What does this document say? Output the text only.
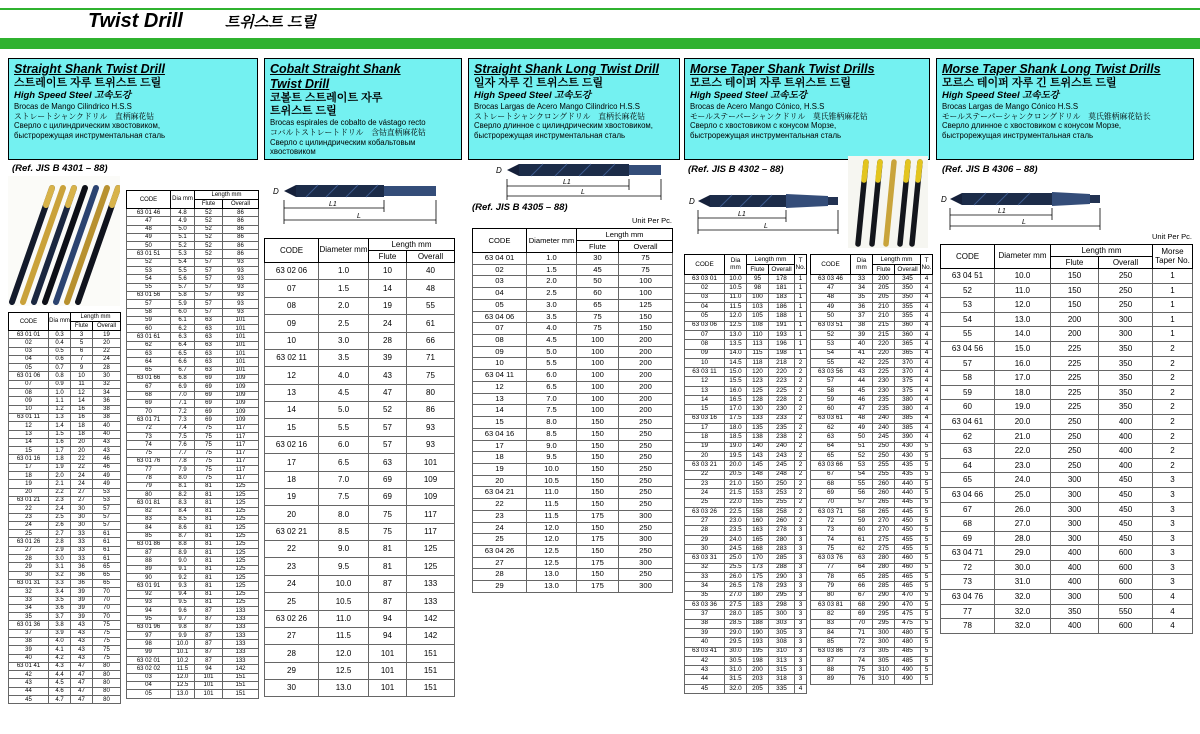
Twist Drill	트위스트 드릴
Straight Shank Twist Drill
스트레이트 자루 트위스트 드릴
High Speed Steel 고속도강
Brocas de Mango Cilindrico H.S.S
ストレートシャンクドリル　直柄麻花钻
Сверло с цилиндрическим хвостовиком,
быстрорежущая инструментальная сталь
Cobalt Straight Shank
Twist Drill
코볼트 스트레이트 자루
트위스트 드릴
Brocas espirales de cobalto de vástago recto
コバルトストレートドリル　含钴直柄麻花钻
Сверло с цилиндрическим кобальтовым
хвостовиком
Straight Shank Long Twist Drill
일자 자루 긴 트위스트 드릴
High Speed Steel 고속도강
Brocas Largas de Acero Mango Cilindrico H.S.S
ストレートシャンクロングドリル　直柄长麻花钻
Сверло длинное с цилиндрическим хвостовиком,
быстрорежущая инструментальная сталь
Morse Taper Shank Twist Drills
모르스 테이퍼 자루 트위스트 드릴
High Speed Steel 고속도강
Brocas de Acero Mango Cónico, H.S.S
モールステーパーシャンクドリル　莫氏锥柄麻花钻
Сверло с хвостовиком с конусом Морзе,
быстрорежущая инструментальная сталь
Morse Taper Shank Long Twist Drills
모르스 테이퍼 자루 긴 트위스트 드릴
High Speed Steel 고속도강
Brocas Largas de Mango Cónico H.S.S
モールステーパーシャンクロングドリル　莫氏锥柄麻花钻长
Сверло длинное с хвостовиком с конусом Морзе,
быстрорежущая инструментальная сталь
(Ref. JIS B 4301 – 88)
(Ref. JIS B 4305 – 88)
(Ref. JIS B 4302 – 88)	(Ref. JIS B 4306 – 88)
Unit Per Pc.
Unit Per Pc.
D
L1
L
D
L1
L
D
L1
L
D
L1
L
CODE	Dia mm	Length mm	
		Flute	Overall
63 01 01	0.3	3	19
02	0.4	5	20
03	0.5	6	22
04	0.6	7	24
05	0.7	9	28
63 01 06	0.8	10	30
07	0.9	11	32
08	1.0	12	34
09	1.1	14	36
10	1.2	16	38
63 01 11	1.3	16	38
12	1.4	18	40
13	1.5	18	40
14	1.6	20	43
15	1.7	20	43
63 01 16	1.8	22	46
17	1.9	22	46
18	2.0	24	49
19	2.1	24	49
20	2.2	27	53
63 01 21	2.3	27	53
22	2.4	30	57
23	2.5	30	57
24	2.6	30	57
25	2.7	33	61
63 01 26	2.8	33	61
27	2.9	33	61
28	3.0	33	61
29	3.1	36	65
30	3.2	36	65
63 01 31	3.3	36	65
32	3.4	39	70
33	3.5	39	70
34	3.6	39	70
35	3.7	39	70
63 01 36	3.8	43	75
37	3.9	43	75
38	4.0	43	75
39	4.1	43	75
40	4.2	43	75
63 01 41	4.3	47	80
42	4.4	47	80
43	4.5	47	80
44	4.6	47	80
45	4.7	47	80
CODE	Dia mm	Length mm	
		Flute	Overall
63 01 46	4.8	52	86
47	4.9	52	86
48	5.0	52	86
49	5.1	52	86
50	5.2	52	86
63 01 51	5.3	52	86
52	5.4	57	93
53	5.5	57	93
54	5.6	57	93
55	5.7	57	93
63 01 56	5.8	57	93
57	5.9	57	93
58	6.0	57	93
59	6.1	63	101
60	6.2	63	101
63 01 61	6.3	63	101
62	6.4	63	101
63	6.5	63	101
64	6.6	63	101
65	6.7	63	101
63 01 66	6.8	69	109
67	6.9	69	109
68	7.0	69	109
69	7.1	69	109
70	7.2	69	109
63 01 71	7.3	69	109
72	7.4	75	117
73	7.5	75	117
74	7.6	75	117
75	7.7	75	117
63 01 76	7.8	75	117
77	7.9	75	117
78	8.0	75	117
79	8.1	81	125
80	8.2	81	125
63 01 81	8.3	81	125
82	8.4	81	125
83	8.5	81	125
84	8.6	81	125
85	8.7	81	125
63 01 86	8.8	81	125
87	8.9	81	125
88	9.0	81	125
89	9.1	81	125
90	9.2	81	125
63 01 91	9.3	81	125
92	9.4	81	125
93	9.5	81	125
94	9.6	87	133
95	9.7	87	133
63 01 96	9.8	87	133
97	9.9	87	133
98	10.0	87	133
99	10.1	87	133
63 02 01	10.2	87	133
63 02 02	11.5	94	142
03	12.0	101	151
04	12.5	101	151
05	13.0	101	151
CODE	Diameter mm	Length mm	
		Flute	Overall
63 02 06	1.0	10	40
07	1.5	14	48
08	2.0	19	55
09	2.5	24	61
10	3.0	28	66
63 02 11	3.5	39	71
12	4.0	43	75
13	4.5	47	80
14	5.0	52	86
15	5.5	57	93
63 02 16	6.0	57	93
17	6.5	63	101
18	7.0	69	109
19	7.5	69	109
20	8.0	75	117
63 02 21	8.5	75	117
22	9.0	81	125
23	9.5	81	125
24	10.0	87	133
25	10.5	87	133
63 02 26	11.0	94	142
27	11.5	94	142
28	12.0	101	151
29	12.5	101	151
30	13.0	101	151
CODE	Diameter mm	Length mm	
		Flute	Overall
63 04 01	1.0	30	75
02	1.5	45	75
03	2.0	50	100
04	2.5	60	100
05	3.0	65	125
63 04 06	3.5	75	150
07	4.0	75	150
08	4.5	100	200
09	5.0	100	200
10	5.5	100	200
63 04 11	6.0	100	200
12	6.5	100	200
13	7.0	100	200
14	7.5	100	200
15	8.0	150	250
63 04 16	8.5	150	250
17	9.0	150	250
18	9.5	150	250
19	10.0	150	250
20	10.5	150	250
63 04 21	11.0	150	250
22	11.5	150	250
23	11.5	175	300
24	12.0	150	250
25	12.0	175	300
63 04 26	12.5	150	250
27	12.5	175	300
28	13.0	150	250
29	13.0	175	300
CODE	Dia mm	Length mm		T No.
		Flute	Overall	
63 03 01	10.0	95	178	1
02	10.5	98	181	1
03	11.0	100	183	1
04	11.5	103	186	1
05	12.0	105	188	1
63 03 06	12.5	108	191	1
07	13.0	110	193	1
08	13.5	113	196	1
09	14.0	115	198	1
10	14.5	118	218	2
63 03 11	15.0	120	220	2
12	15.5	123	223	2
13	16.0	125	225	2
14	16.5	128	228	2
15	17.0	130	230	2
63 03 16	17.5	133	233	2
17	18.0	135	235	2
18	18.5	138	238	2
19	19.0	140	240	2
20	19.5	143	243	2
63 03 21	20.0	145	245	2
22	20.5	148	248	2
23	21.0	150	250	2
24	21.5	153	253	2
25	22.0	155	255	2
63 03 26	22.5	158	258	2
27	23.0	160	260	2
28	23.5	163	278	3
29	24.0	165	280	3
30	24.5	168	283	3
63 03 31	25.0	170	285	3
32	25.5	173	288	3
33	26.0	175	290	3
34	26.5	178	293	3
35	27.0	180	295	3
63 03 36	27.5	183	298	3
37	28.0	185	300	3
38	28.5	188	303	3
39	29.0	190	305	3
40	29.5	193	308	3
63 03 41	30.0	195	310	3
42	30.5	198	313	3
43	31.0	200	315	3
44	31.5	203	318	3
45	32.0	205	335	4
CODE	Dia mm	Length mm		T No.
		Flute	Overall	
63 03 46	33	200	345	4
47	34	205	350	4
48	35	205	350	4
49	36	210	355	4
50	37	210	355	4
63 03 51	38	215	360	4
52	39	215	360	4
53	40	220	365	4
54	41	220	365	4
55	42	225	370	4
63 03 56	43	225	370	4
57	44	230	375	4
58	45	230	375	4
59	46	235	380	4
60	47	235	380	4
63 03 61	48	240	385	4
62	49	240	385	4
63	50	245	390	4
64	51	250	430	5
65	52	250	430	5
63 03 66	53	255	435	5
67	54	255	435	5
68	55	260	440	5
69	56	260	440	5
70	57	265	445	5
63 03 71	58	265	445	5
72	59	270	450	5
73	60	270	450	5
74	61	275	455	5
75	62	275	455	5
63 03 76	63	280	460	5
77	64	280	460	5
78	65	285	465	5
79	66	285	465	5
80	67	290	470	5
63 03 81	68	290	470	5
82	69	295	475	5
83	70	295	475	5
84	71	300	480	5
85	72	300	480	5
63 03 86	73	305	485	5
87	74	305	485	5
88	75	310	490	5
89	76	310	490	5
CODE	Diameter mm	Length mm		Morse Taper No.
		Flute	Overall	
63 04 51	10.0	150	250	1
52	11.0	150	250	1
53	12.0	150	250	1
54	13.0	200	300	1
55	14.0	200	300	1
63 04 56	15.0	225	350	2
57	16.0	225	350	2
58	17.0	225	350	2
59	18.0	225	350	2
60	19.0	225	350	2
63 04 61	20.0	250	400	2
62	21.0	250	400	2
63	22.0	250	400	2
64	23.0	250	400	2
65	24.0	300	450	3
63 04 66	25.0	300	450	3
67	26.0	300	450	3
68	27.0	300	450	3
69	28.0	300	450	3
63 04 71	29.0	400	600	3
72	30.0	400	600	3
73	31.0	400	600	3
63 04 76	32.0	300	500	4
77	32.0	350	550	4
78	32.0	400	600	4
